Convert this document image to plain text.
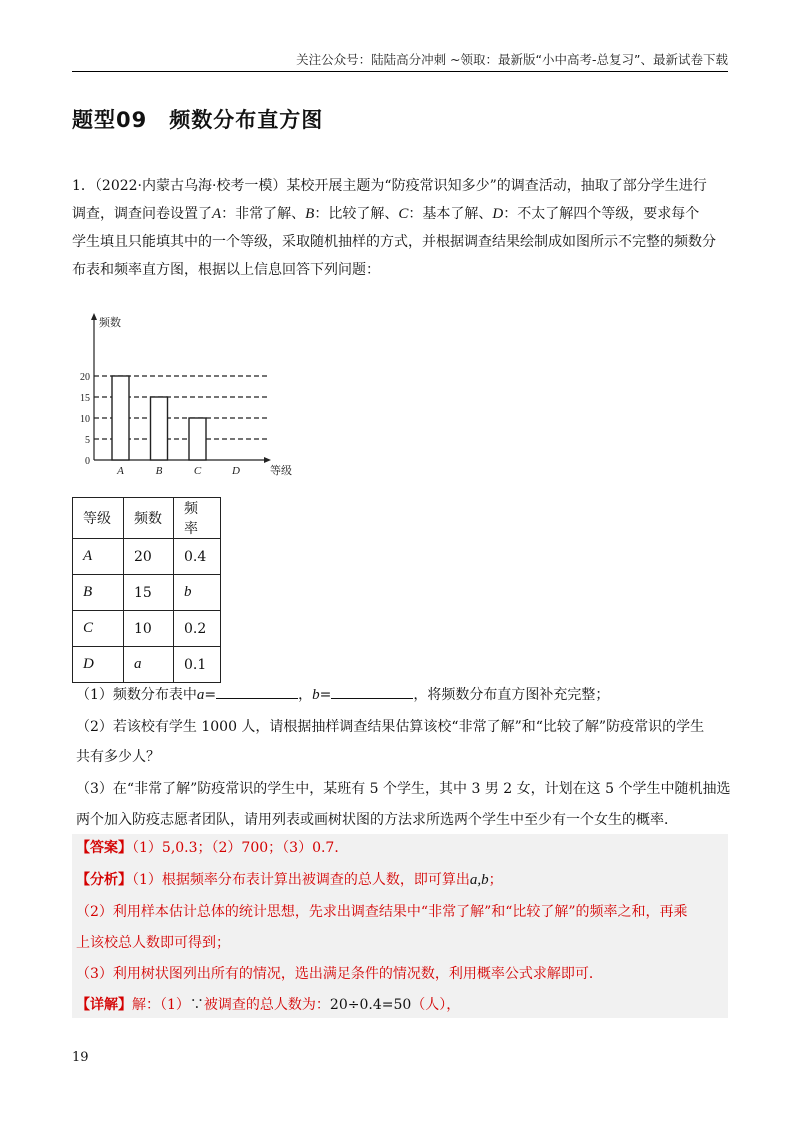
关注公众号：陆陆高分冲刺 ~领取：最新版“小中高考-总复习”、最新试卷下载
题型09　频数分布直方图
1．（2022·内蒙古乌海·校考一模）某校开展主题为“防疫常识知多少”的调查活动，抽取了部分学生进行
调查，调查问卷设置了A：非常了解、B：比较了解、C：基本了解、D：不太了解四个等级，要求每个
学生填且只能填其中的一个等级，采取随机抽样的方式，并根据调查结果绘制成如图所示不完整的频数分
布表和频率直方图，根据以上信息回答下列问题：
频数
等级
0
5
10
15
20
A	B	C	D
等级	频数	频率
A	20	0.4
B	15	b
C	10	0.2
D	a	0.1
（1）频数分布表中a=	，b=	，将频数分布直方图补充完整；
（2）若该校有学生 1000 人，请根据抽样调查结果估算该校“非常了解”和“比较了解”防疫常识的学生
共有多少人？
（3）在“非常了解”防疫常识的学生中，某班有 5 个学生，其中 3 男 2 女，计划在这 5 个学生中随机抽选
两个加入防疫志愿者团队，请用列表或画树状图的方法求所选两个学生中至少有一个女生的概率．
【答案】（1）5,0.3；（2）700；（3）0.7．
【分析】（1）根据频率分布表计算出被调查的总人数，即可算出a,b；
（2）利用样本估计总体的统计思想，先求出调查结果中“非常了解”和“比较了解”的频率之和，再乘
上该校总人数即可得到；
（3）利用树状图列出所有的情况，选出满足条件的情况数，利用概率公式求解即可．
【详解】解：（1）∵被调查的总人数为：20÷0.4=50（人），
19
